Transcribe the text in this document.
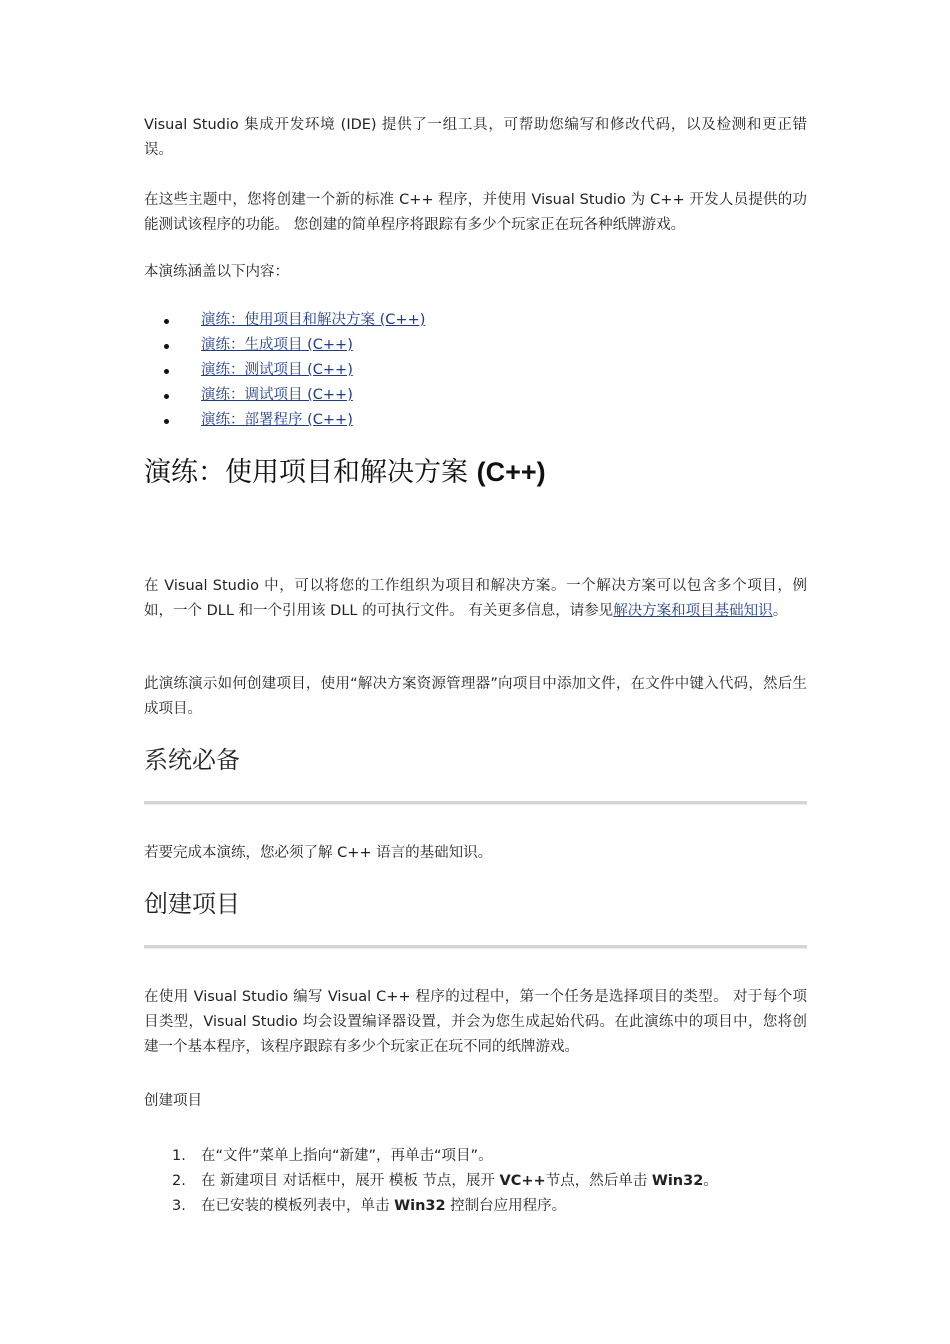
Visual Studio 集成开发环境 (IDE) 提供了一组工具，可帮助您编写和修改代码，以及检测和更正错误。
在这些主题中，您将创建一个新的标准 C++ 程序，并使用 Visual Studio 为 C++ 开发人员提供的功能测试该程序的功能。 您创建的简单程序将跟踪有多少个玩家正在玩各种纸牌游戏。
本演练涵盖以下内容：
演练：使用项目和解决方案 (C++)
演练：生成项目 (C++)
演练：测试项目 (C++)
演练：调试项目 (C++)
演练：部署程序 (C++)
演练：使用项目和解决方案 (C++)
在 Visual Studio 中，可以将您的工作组织为项目和解决方案。一个解决方案可以包含多个项目，例如，一个 DLL 和一个引用该 DLL 的可执行文件。 有关更多信息，请参见解决方案和项目基础知识。
此演练演示如何创建项目，使用“解决方案资源管理器”向项目中添加文件，在文件中键入代码，然后生成项目。
系统必备
若要完成本演练，您必须了解 C++ 语言的基础知识。
创建项目
在使用 Visual Studio 编写 Visual C++ 程序的过程中，第一个任务是选择项目的类型。 对于每个项目类型，Visual Studio 均会设置编译器设置，并会为您生成起始代码。在此演练中的项目中，您将创建一个基本程序，该程序跟踪有多少个玩家正在玩不同的纸牌游戏。
创建项目
1. 在“文件”菜单上指向“新建”，再单击“项目”。
2. 在 新建项目 对话框中，展开 模板 节点，展开 VC++节点，然后单击 Win32。
3. 在已安装的模板列表中，单击 Win32 控制台应用程序。
